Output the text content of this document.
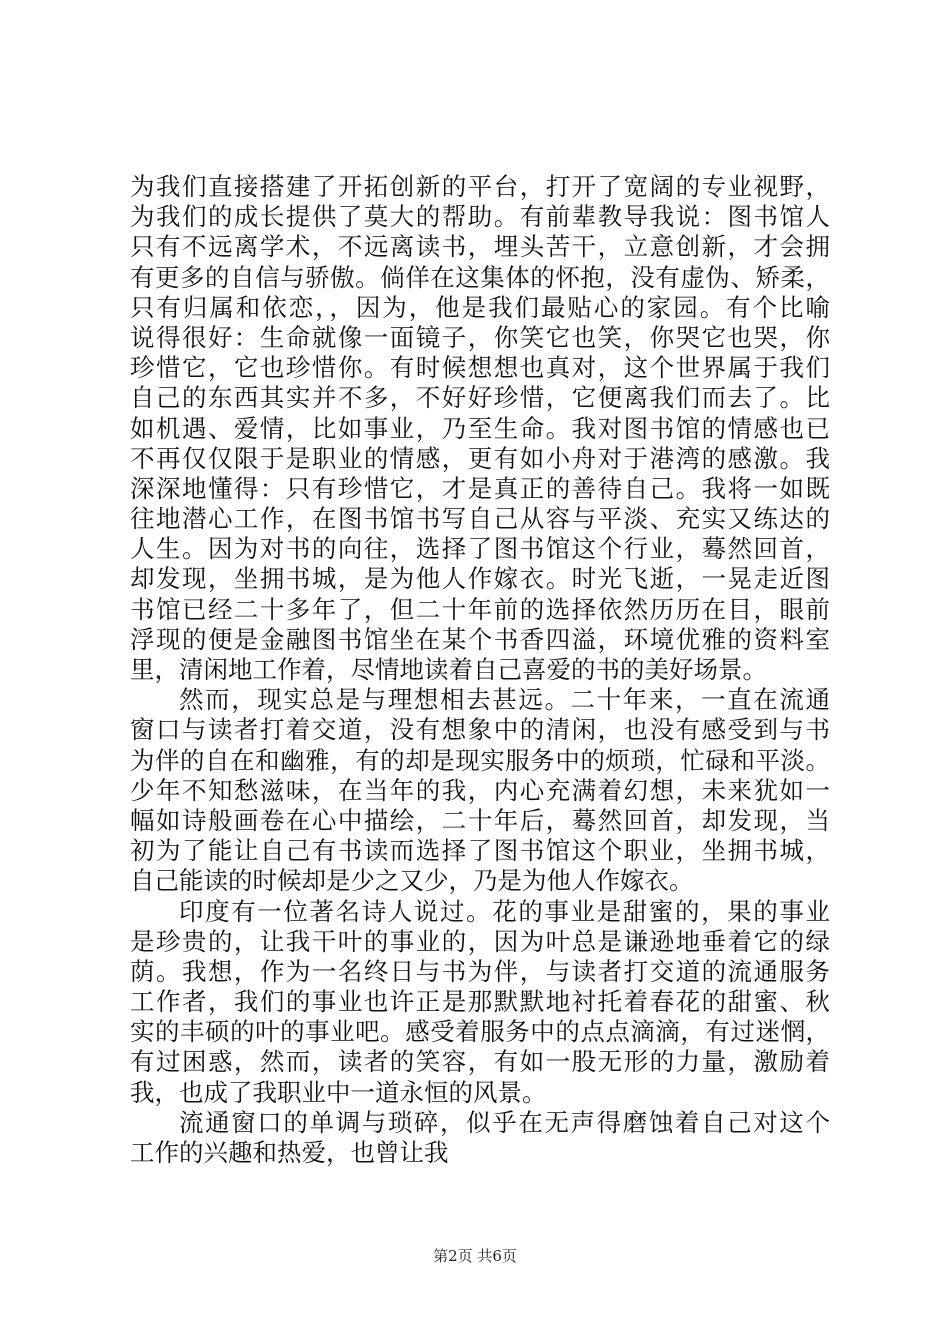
为我们直接搭建了开拓创新的平台，打开了宽阔的专业视野，
为我们的成长提供了莫大的帮助。有前辈教导我说：图书馆人
只有不远离学术，不远离读书，埋头苦干，立意创新，才会拥
有更多的自信与骄傲。倘佯在这集体的怀抱，没有虚伪、矫柔，
只有归属和依恋，，因为，他是我们最贴心的家园。有个比喻
说得很好：生命就像一面镜子，你笑它也笑，你哭它也哭，你
珍惜它，它也珍惜你。有时候想想也真对，这个世界属于我们
自己的东西其实并不多，不好好珍惜，它便离我们而去了。比
如机遇、爱情，比如事业，乃至生命。我对图书馆的情感也已
不再仅仅限于是职业的情感，更有如小舟对于港湾的感激。我
深深地懂得：只有珍惜它，才是真正的善待自己。我将一如既
往地潜心工作，在图书馆书写自己从容与平淡、充实又练达的
人生。因为对书的向往，选择了图书馆这个行业，蓦然回首，
却发现，坐拥书城，是为他人作嫁衣。时光飞逝，一晃走近图
书馆已经二十多年了，但二十年前的选择依然历历在目，眼前
浮现的便是金融图书馆坐在某个书香四溢，环境优雅的资料室
里，清闲地工作着，尽情地读着自己喜爱的书的美好场景。
然而，现实总是与理想相去甚远。二十年来，一直在流通
窗口与读者打着交道，没有想象中的清闲，也没有感受到与书
为伴的自在和幽雅，有的却是现实服务中的烦琐，忙碌和平淡。
少年不知愁滋味，在当年的我，内心充满着幻想，未来犹如一
幅如诗般画卷在心中描绘，二十年后，蓦然回首，却发现，当
初为了能让自己有书读而选择了图书馆这个职业，坐拥书城，
自己能读的时候却是少之又少，乃是为他人作嫁衣。
印度有一位著名诗人说过。花的事业是甜蜜的，果的事业
是珍贵的，让我干叶的事业的，因为叶总是谦逊地垂着它的绿
荫。我想，作为一名终日与书为伴，与读者打交道的流通服务
工作者，我们的事业也许正是那默默地衬托着春花的甜蜜、秋
实的丰硕的叶的事业吧。感受着服务中的点点滴滴，有过迷惘，
有过困惑，然而，读者的笑容，有如一股无形的力量，激励着
我，也成了我职业中一道永恒的风景。
流通窗口的单调与琐碎，似乎在无声得磨蚀着自己对这个
工作的兴趣和热爱，也曾让我
第2页 共6页
